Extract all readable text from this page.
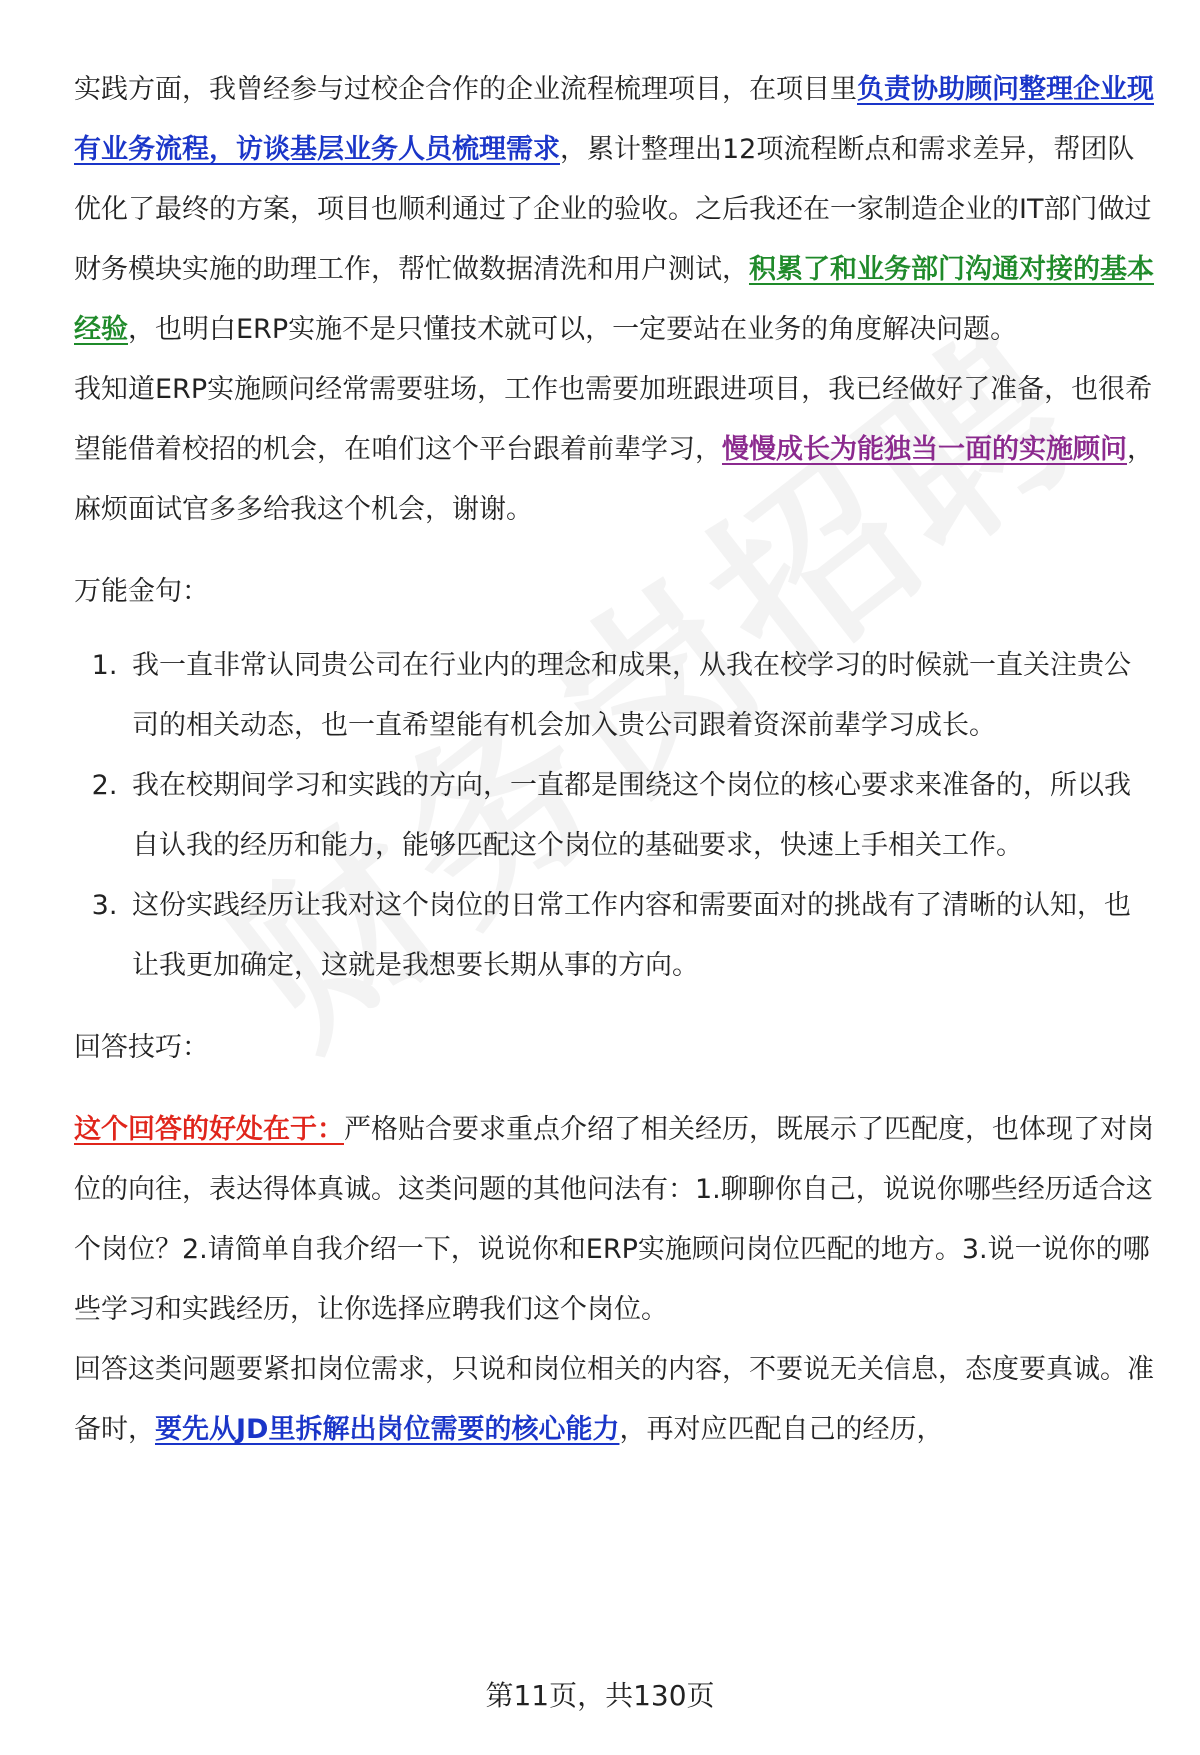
实践方面，我曾经参与过校企合作的企业流程梳理项目，在项目里负责协助顾问整理企业现有业务流程，访谈基层业务人员梳理需求，累计整理出12项流程断点和需求差异，帮团队优化了最终的方案，项目也顺利通过了企业的验收。之后我还在一家制造企业的IT部门做过财务模块实施的助理工作，帮忙做数据清洗和用户测试，积累了和业务部门沟通对接的基本经验，也明白ERP实施不是只懂技术就可以，一定要站在业务的角度解决问题。

我知道ERP实施顾问经常需要驻场，工作也需要加班跟进项目，我已经做好了准备，也很希望能借着校招的机会，在咱们这个平台跟着前辈学习，慢慢成长为能独当一面的实施顾问，麻烦面试官多多给我这个机会，谢谢。

万能金句：

1. 我一直非常认同贵公司在行业内的理念和成果，从我在校学习的时候就一直关注贵公司的相关动态，也一直希望能有机会加入贵公司跟着资深前辈学习成长。
2. 我在校期间学习和实践的方向，一直都是围绕这个岗位的核心要求来准备的，所以我自认我的经历和能力，能够匹配这个岗位的基础要求，快速上手相关工作。
3. 这份实践经历让我对这个岗位的日常工作内容和需要面对的挑战有了清晰的认知，也让我更加确定，这就是我想要长期从事的方向。

回答技巧：

这个回答的好处在于：严格贴合要求重点介绍了相关经历，既展示了匹配度，也体现了对岗位的向往，表达得体真诚。这类问题的其他问法有：1.聊聊你自己，说说你哪些经历适合这个岗位？2.请简单自我介绍一下，说说你和ERP实施顾问岗位匹配的地方。3.说一说你的哪些学习和实践经历，让你选择应聘我们这个岗位。

回答这类问题要紧扣岗位需求，只说和岗位相关的内容，不要说无关信息，态度要真诚。准备时，要先从JD里拆解出岗位需要的核心能力，再对应匹配自己的经历，

第11页，共130页
